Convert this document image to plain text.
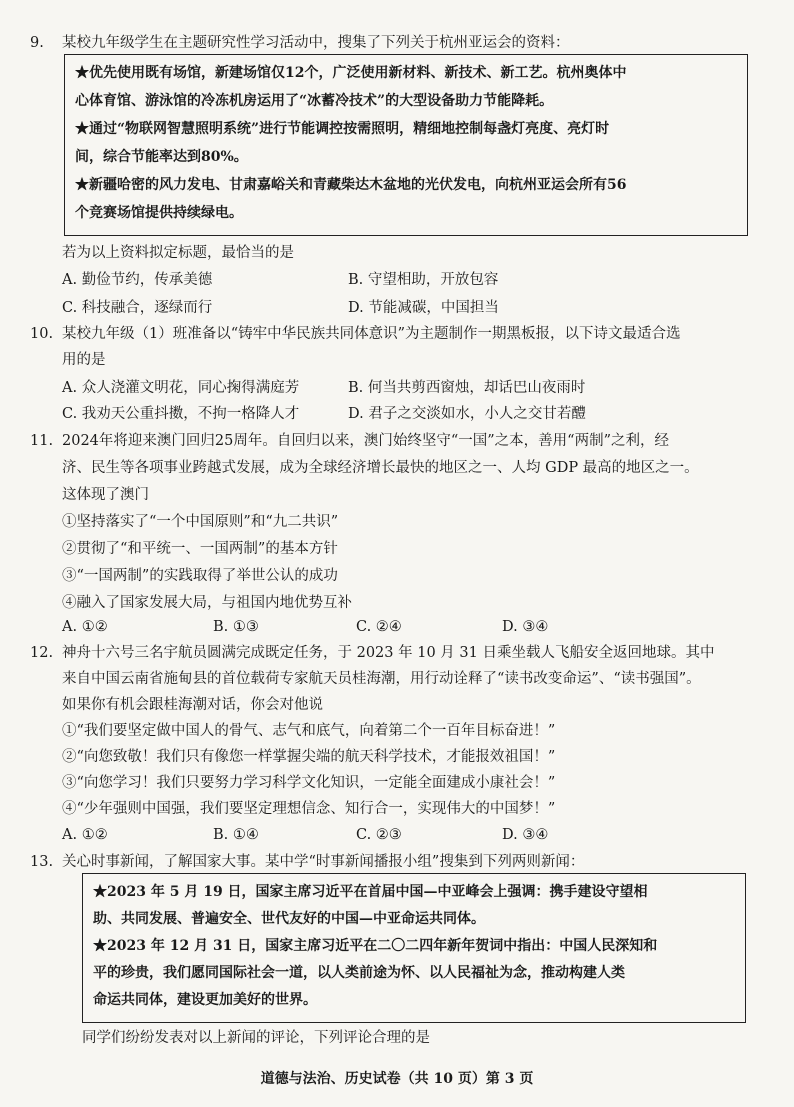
9. 某校九年级学生在主题研究性学习活动中，搜集了下列关于杭州亚运会的资料：
★优先使用既有场馆，新建场馆仅12个，广泛使用新材料、新技术、新工艺。杭州奥体中
心体育馆、游泳馆的冷冻机房运用了“冰蓄冷技术”的大型设备助力节能降耗。
★通过“物联网智慧照明系统”进行节能调控按需照明，精细地控制每盏灯亮度、亮灯时
间，综合节能率达到80%。
★新疆哈密的风力发电、甘肃嘉峪关和青藏柴达木盆地的光伏发电，向杭州亚运会所有56
个竞赛场馆提供持续绿电。
若为以上资料拟定标题，最恰当的是
A. 勤俭节约，传承美德	B. 守望相助，开放包容
C. 科技融合，逐绿而行	D. 节能减碳，中国担当
10. 某校九年级（1）班准备以“铸牢中华民族共同体意识”为主题制作一期黑板报，以下诗文最适合选
用的是
A. 众人浇灌文明花，同心掬得满庭芳	B. 何当共剪西窗烛，却话巴山夜雨时
C. 我劝天公重抖擞，不拘一格降人才	D. 君子之交淡如水，小人之交甘若醴
11. 2024年将迎来澳门回归25周年。自回归以来，澳门始终坚守“一国”之本，善用“两制”之利，经
济、民生等各项事业跨越式发展，成为全球经济增长最快的地区之一、人均 GDP 最高的地区之一。
这体现了澳门
①坚持落实了“一个中国原则”和“九二共识”
②贯彻了“和平统一、一国两制”的基本方针
③“一国两制”的实践取得了举世公认的成功
④融入了国家发展大局，与祖国内地优势互补
A. ①②	B. ①③	C. ②④	D. ③④
12. 神舟十六号三名宇航员圆满完成既定任务，于 2023 年 10 月 31 日乘坐载人飞船安全返回地球。其中
来自中国云南省施甸县的首位载荷专家航天员桂海潮，用行动诠释了“读书改变命运”、“读书强国”。
如果你有机会跟桂海潮对话，你会对他说
①“我们要坚定做中国人的骨气、志气和底气，向着第二个一百年目标奋进！”
②“向您致敬！我们只有像您一样掌握尖端的航天科学技术，才能报效祖国！”
③“向您学习！我们只要努力学习科学文化知识，一定能全面建成小康社会！”
④“少年强则中国强，我们要坚定理想信念、知行合一，实现伟大的中国梦！”
A. ①②	B. ①④	C. ②③	D. ③④
13. 关心时事新闻，了解国家大事。某中学“时事新闻播报小组”搜集到下列两则新闻：
★2023 年 5 月 19 日，国家主席习近平在首届中国—中亚峰会上强调：携手建设守望相
助、共同发展、普遍安全、世代友好的中国—中亚命运共同体。
★2023 年 12 月 31 日，国家主席习近平在二〇二四年新年贺词中指出：中国人民深知和
平的珍贵，我们愿同国际社会一道，以人类前途为怀、以人民福祉为念，推动构建人类
命运共同体，建设更加美好的世界。
同学们纷纷发表对以上新闻的评论，下列评论合理的是
道德与法治、历史试卷（共 10 页）第 3 页
